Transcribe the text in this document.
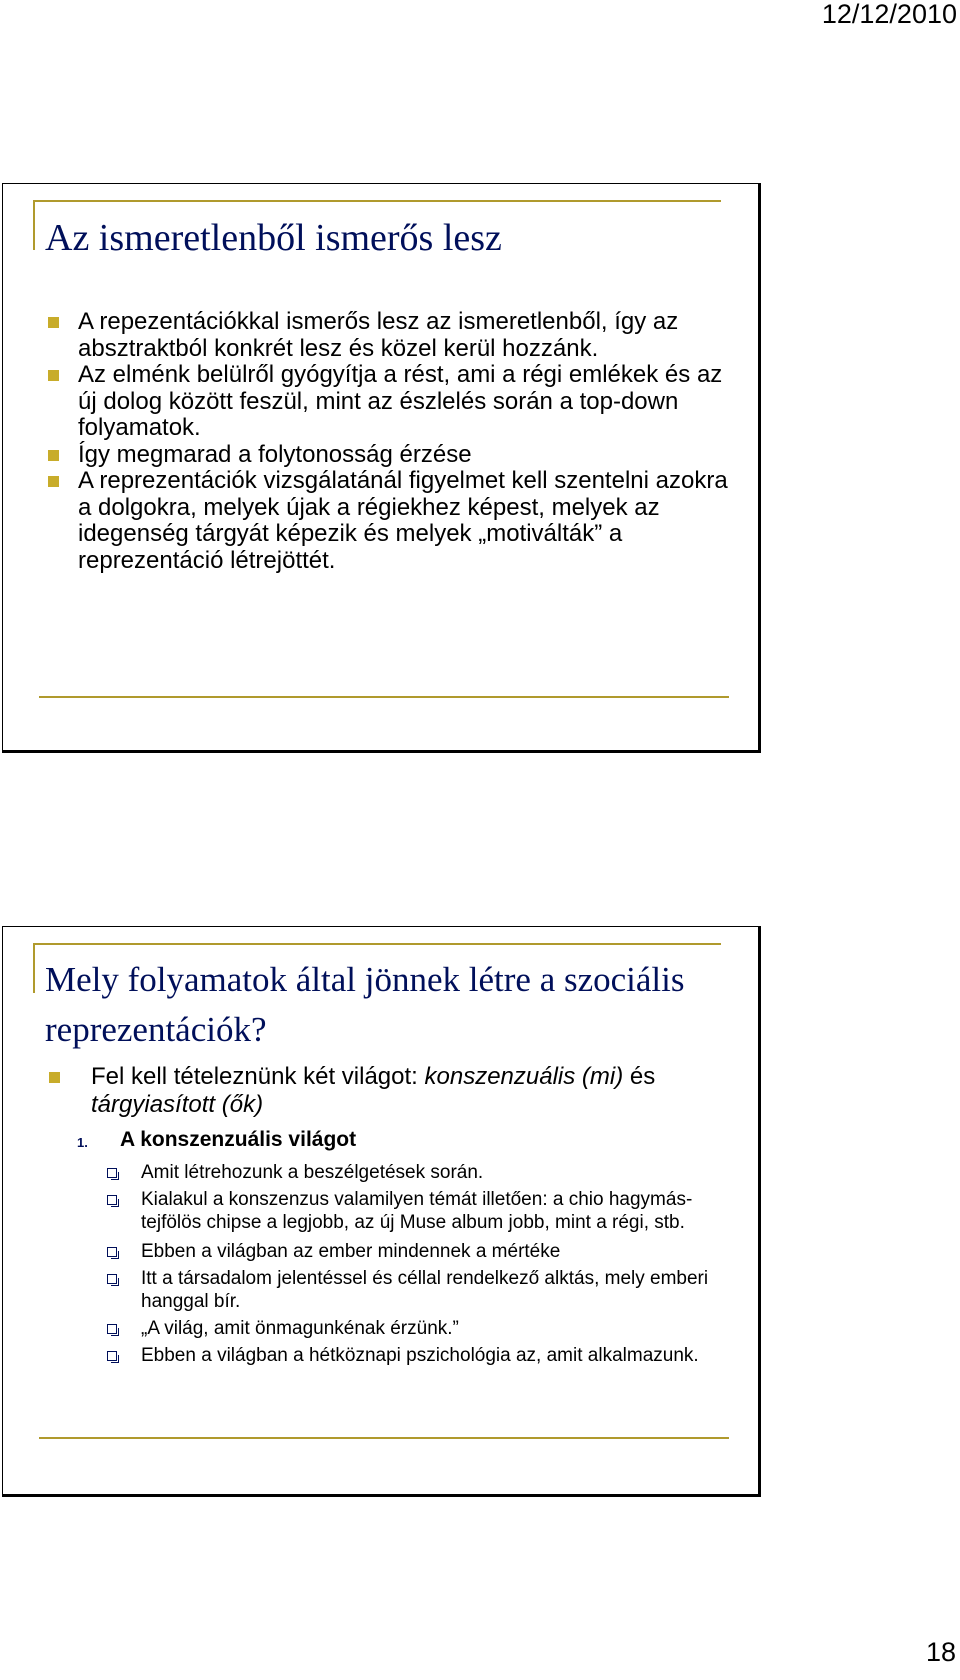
12/12/2010
Az ismeretlenből ismerős lesz
A repezentációkkal ismerős lesz az ismeretlenből, így az absztraktból konkrét lesz és közel kerül hozzánk.
Az elménk belülről gyógyítja a rést, ami a régi emlékek és az új dolog között feszül, mint az észlelés során a top-down folyamatok.
Így megmarad a folytonosság érzése
A reprezentációk vizsgálatánál figyelmet kell szentelni azokra a dolgokra, melyek újak a régiekhez képest, melyek az idegenség tárgyát képezik és melyek „motiválták” a reprezentáció létrejöttét.
Mely folyamatok által jönnek létre a szociális reprezentációk?
Fel kell tételeznünk két világot: konszenzuális (mi) és tárgyiasított (ők)
1. A konszenzuális világot
Amit létrehozunk a beszélgetések során.
Kialakul a konszenzus valamilyen témát illetően: a chio hagymás-tejfölös chipse a legjobb, az új Muse album jobb, mint a régi, stb.
Ebben a világban az ember mindennek a mértéke
Itt a társadalom jelentéssel és céllal rendelkező alktás, mely emberi hanggal bír.
„A világ, amit önmagunkénak érzünk.”
Ebben a világban a hétköznapi pszichológia az, amit alkalmazunk.
18
